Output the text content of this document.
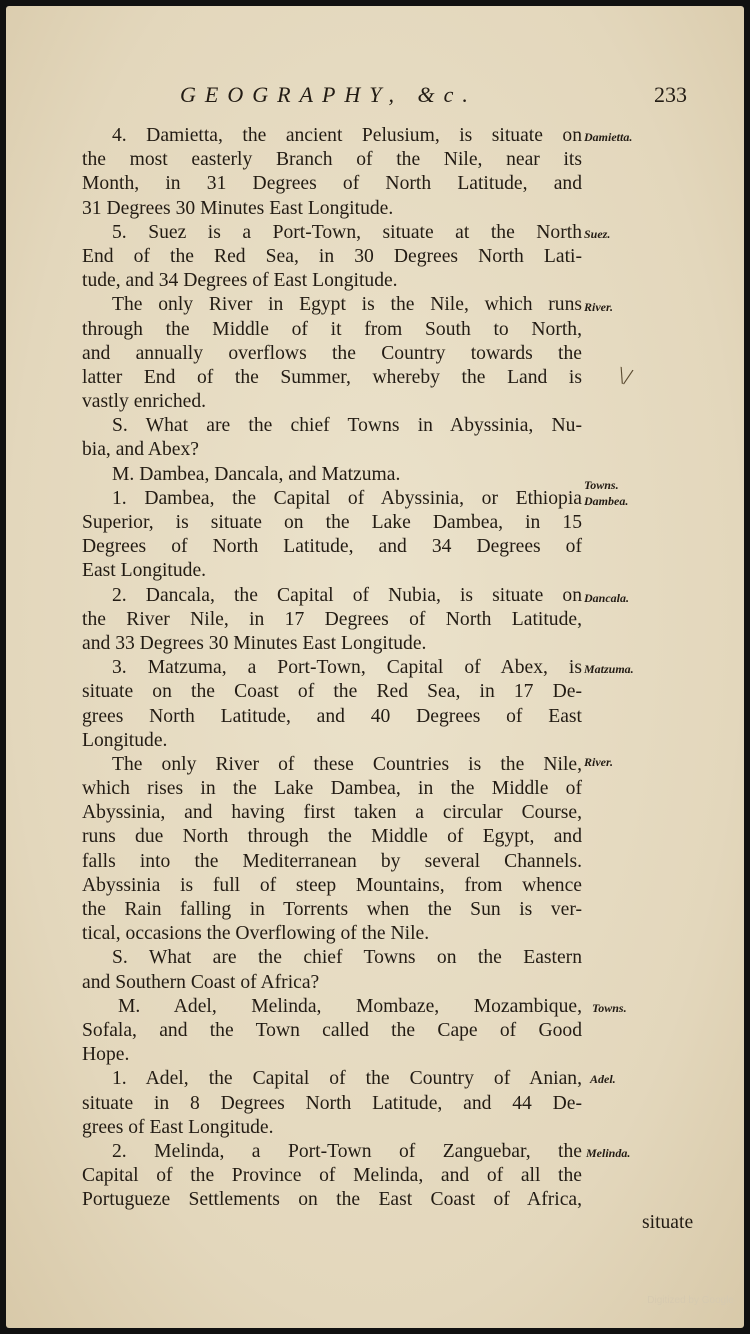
GEOGRAPHY, &c.	233
4. Damietta, the ancient Pelusium, is situate on
the most easterly Branch of the Nile, near its
Month, in 31 Degrees of North Latitude, and
31 Degrees 30 Minutes East Longitude.
5. Suez is a Port-Town, situate at the North
End of the Red Sea, in 30 Degrees North Lati-
tude, and 34 Degrees of East Longitude.
The only River in Egypt is the Nile, which runs
through the Middle of it from South to North,
and annually overflows the Country towards the
latter End of the Summer, whereby the Land is
vastly enriched.
S. What are the chief Towns in Abyssinia, Nu-
bia, and Abex?
M. Dambea, Dancala, and Matzuma.
1. Dambea, the Capital of Abyssinia, or Ethiopia
Superior, is situate on the Lake Dambea, in 15
Degrees of North Latitude, and 34 Degrees of
East Longitude.
2. Dancala, the Capital of Nubia, is situate on
the River Nile, in 17 Degrees of North Latitude,
and 33 Degrees 30 Minutes East Longitude.
3. Matzuma, a Port-Town, Capital of Abex, is
situate on the Coast of the Red Sea, in 17 De-
grees North Latitude, and 40 Degrees of East
Longitude.
The only River of these Countries is the Nile,
which rises in the Lake Dambea, in the Middle of
Abyssinia, and having first taken a circular Course,
runs due North through the Middle of Egypt, and
falls into the Mediterranean by several Channels.
Abyssinia is full of steep Mountains, from whence
the Rain falling in Torrents when the Sun is ver-
tical, occasions the Overflowing of the Nile.
S. What are the chief Towns on the Eastern
and Southern Coast of Africa?
M. Adel, Melinda, Mombaze, Mozambique,
Sofala, and the Town called the Cape of Good
Hope.
1. Adel, the Capital of the Country of Anian,
situate in 8 Degrees North Latitude, and 44 De-
grees of East Longitude.
2. Melinda, a Port-Town of Zanguebar, the
Capital of the Province of Melinda, and of all the
Portugueze Settlements on the East Coast of Africa,
Damietta.
Suez.
River.
Towns.
Dambea.
Dancala.
Matzuma.
River.
Towns.
Adel.
Melinda.
\/
situate
Digitized by Google
